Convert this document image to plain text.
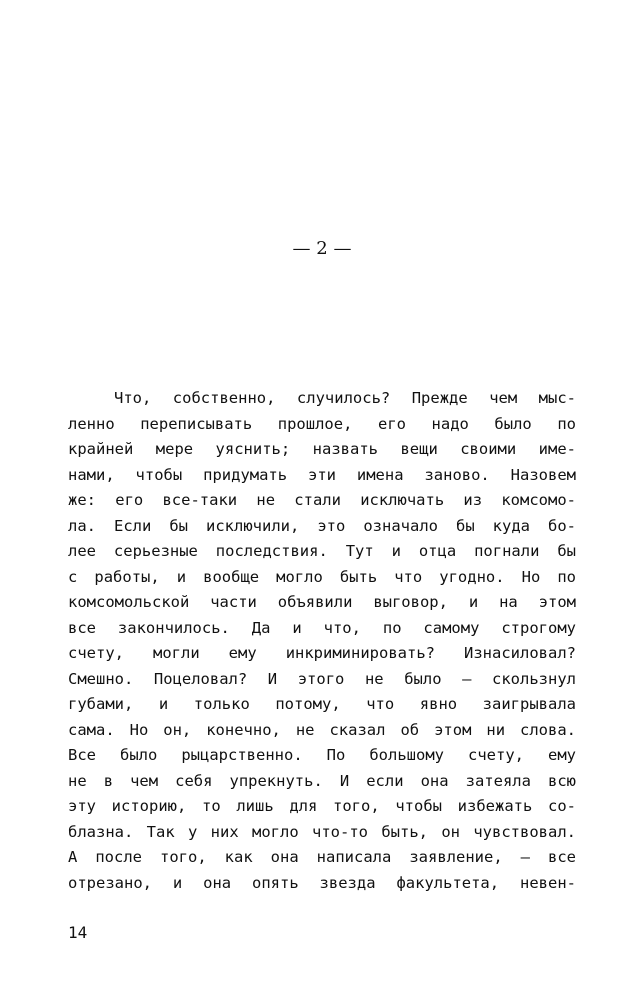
— 2 —
Что, собственно, случилось? Прежде чем мыс-
ленно переписывать прошлое, его надо было по
крайней мере уяснить; назвать вещи своими име-
нами, чтобы придумать эти имена заново. Назовем
же: его все-таки не стали исключать из комсомо-
ла. Если бы исключили, это означало бы куда бо-
лее серьезные последствия. Тут и отца погнали бы
с работы, и вообще могло быть что угодно. Но по
комсомольской части объявили выговор, и на этом
все закончилось. Да и что, по самому строгому
счету, могли ему инкриминировать? Изнасиловал?
Смешно. Поцеловал? И этого не было — скользнул
губами, и только потому, что явно заигрывала
сама. Но он, конечно, не сказал об этом ни слова.
Все было рыцарственно. По большому счету, ему
не в чем себя упрекнуть. И если она затеяла всю
эту историю, то лишь для того, чтобы избежать со-
блазна. Так у них могло что-то быть, он чувствовал.
А после того, как она написала заявление, — все
отрезано, и она опять звезда факультета, невен-
14
